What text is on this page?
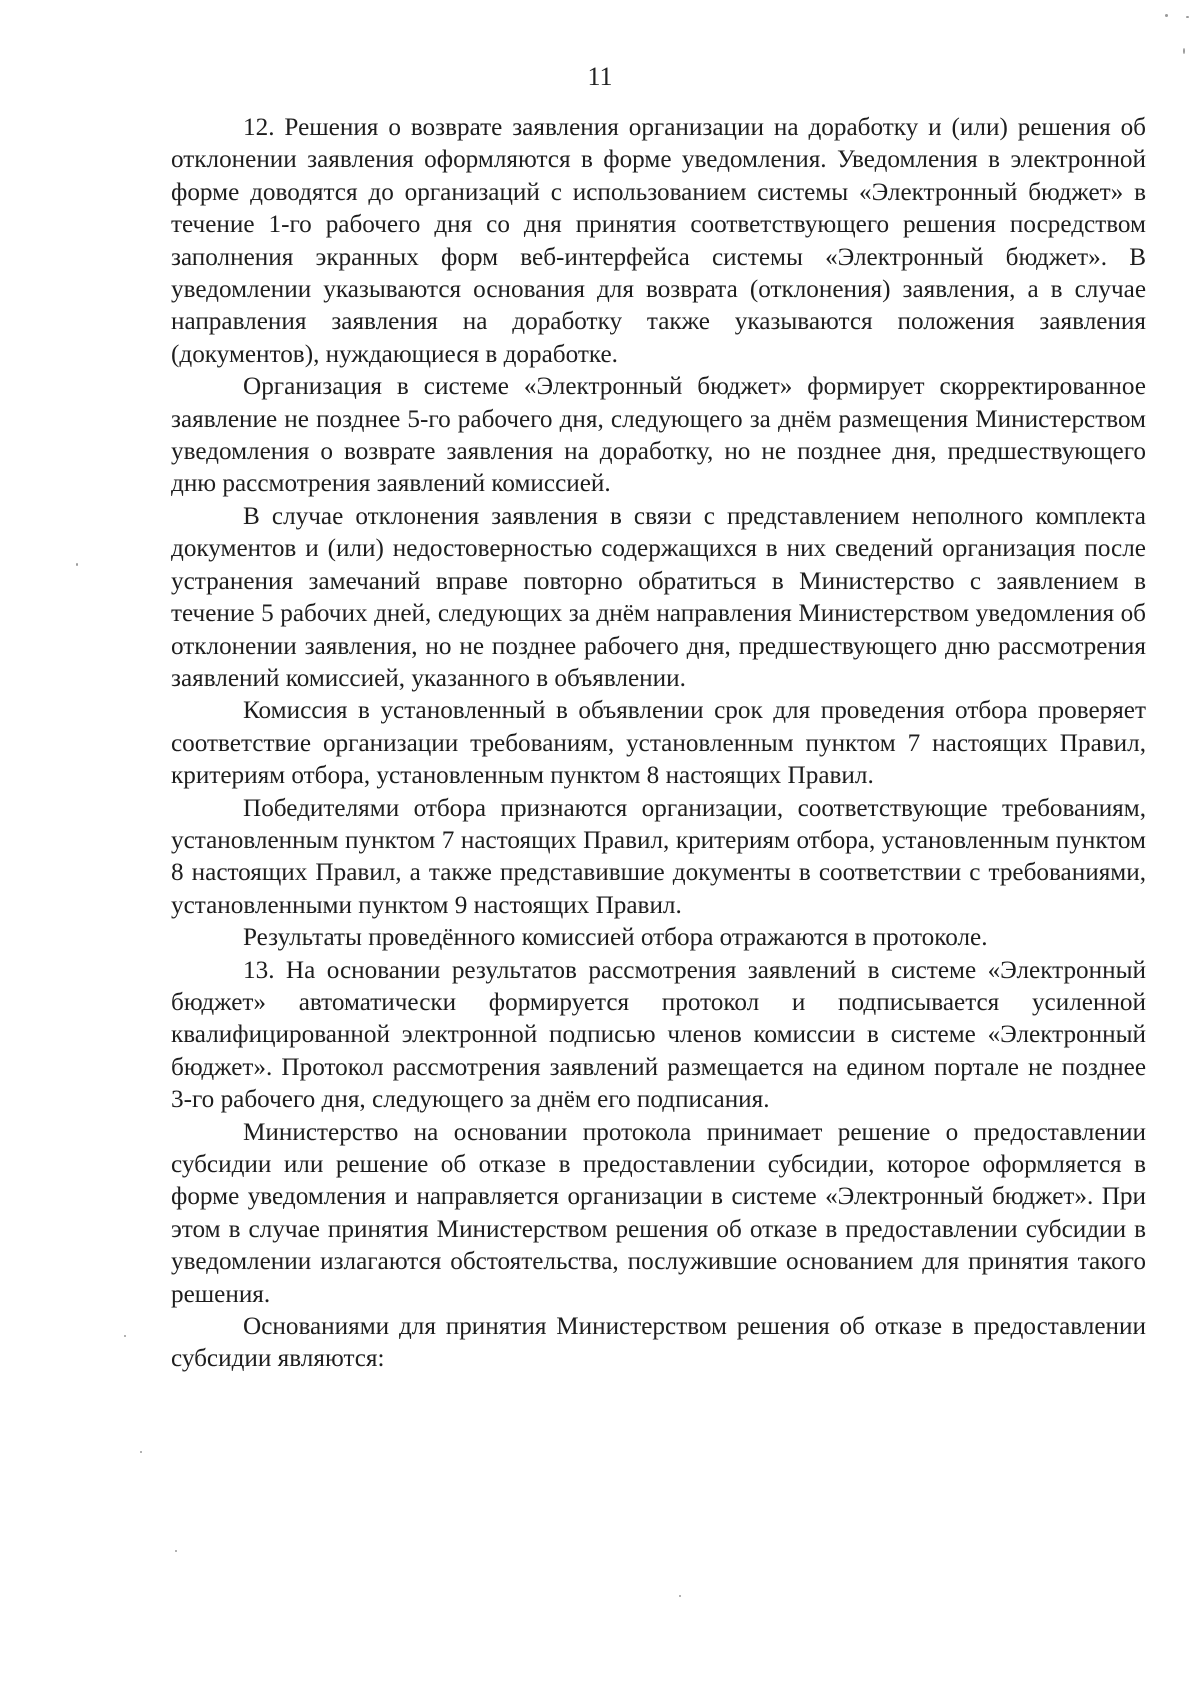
11

12. Решения о возврате заявления организации на доработку и (или) решения об отклонении заявления оформляются в форме уведомления. Уведомления в электронной форме доводятся до организаций с использованием системы «Электронный бюджет» в течение 1-го рабочего дня со дня принятия соответствующего решения посредством заполнения экранных форм веб-интерфейса системы «Электронный бюджет». В уведомлении указываются основания для возврата (отклонения) заявления, а в случае направления заявления на доработку также указываются положения заявления (документов), нуждающиеся в доработке.

Организация в системе «Электронный бюджет» формирует скорректированное заявление не позднее 5-го рабочего дня, следующего за днём размещения Министерством уведомления о возврате заявления на доработку, но не позднее дня, предшествующего дню рассмотрения заявлений комиссией.

В случае отклонения заявления в связи с представлением неполного комплекта документов и (или) недостоверностью содержащихся в них сведений организация после устранения замечаний вправе повторно обратиться в Министерство с заявлением в течение 5 рабочих дней, следующих за днём направления Министерством уведомления об отклонении заявления, но не позднее рабочего дня, предшествующего дню рассмотрения заявлений комиссией, указанного в объявлении.

Комиссия в установленный в объявлении срок для проведения отбора проверяет соответствие организации требованиям, установленным пунктом 7 настоящих Правил, критериям отбора, установленным пунктом 8 настоящих Правил.

Победителями отбора признаются организации, соответствующие требованиям, установленным пунктом 7 настоящих Правил, критериям отбора, установленным пунктом 8 настоящих Правил, а также представившие документы в соответствии с требованиями, установленными пунктом 9 настоящих Правил.

Результаты проведённого комиссией отбора отражаются в протоколе.

13. На основании результатов рассмотрения заявлений в системе «Электронный бюджет» автоматически формируется протокол и подписывается усиленной квалифицированной электронной подписью членов комиссии в системе «Электронный бюджет». Протокол рассмотрения заявлений размещается на едином портале не позднее 3-го рабочего дня, следующего за днём его подписания.

Министерство на основании протокола принимает решение о предоставлении субсидии или решение об отказе в предоставлении субсидии, которое оформляется в форме уведомления и направляется организации в системе «Электронный бюджет». При этом в случае принятия Министерством решения об отказе в предоставлении субсидии в уведомлении излагаются обстоятельства, послужившие основанием для принятия такого решения.

Основаниями для принятия Министерством решения об отказе в предоставлении субсидии являются:
